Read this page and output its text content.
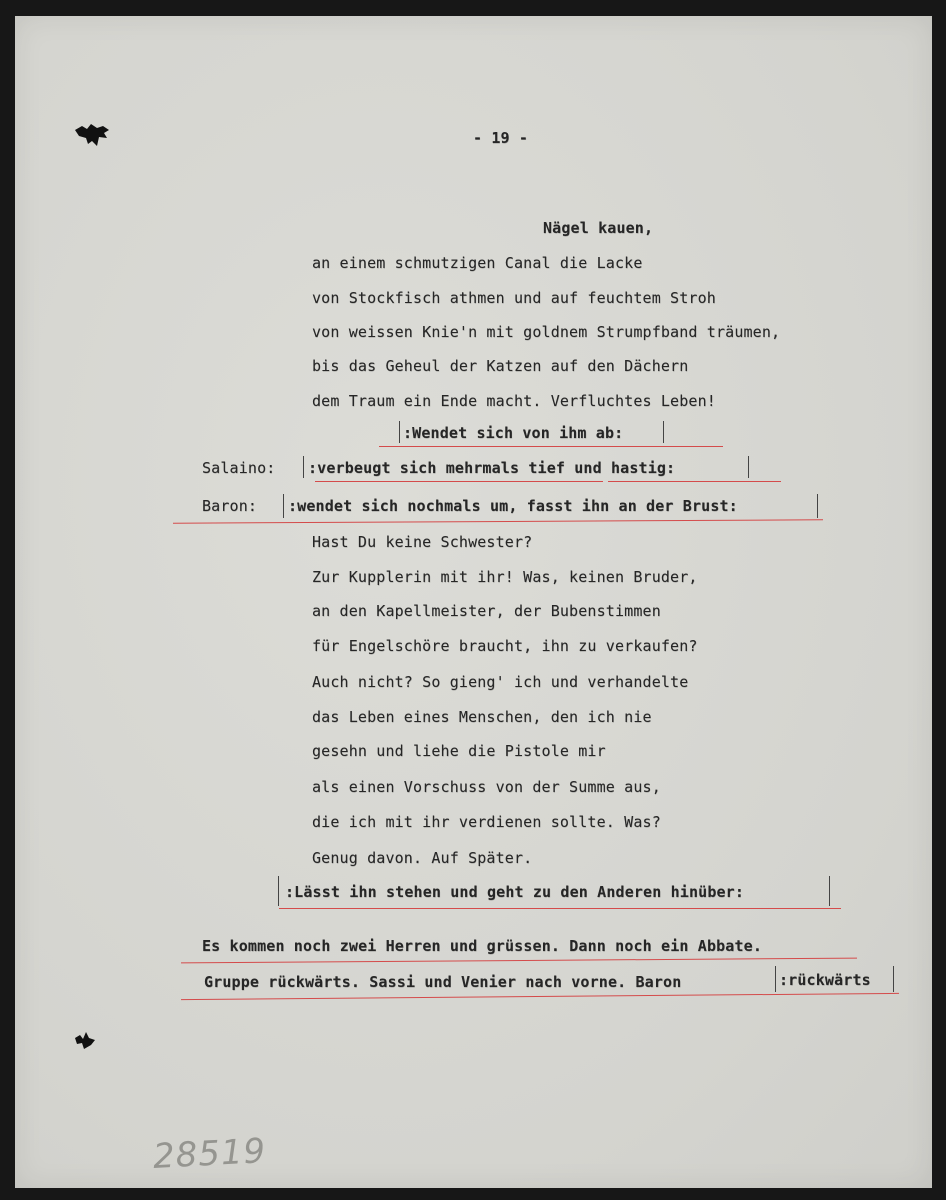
- 19 -
Nägel kauen,
an einem schmutzigen Canal die Lacke
von Stockfisch athmen und auf feuchtem Stroh
von weissen Knie'n mit goldnem Strumpfband träumen,
bis das Geheul der Katzen auf den Dächern
dem Traum ein Ende macht. Verfluchtes Leben!
:Wendet sich von ihm ab:
Salaino: :verbeugt sich mehrmals tief und hastig:
Baron: :wendet sich nochmals um, fasst ihn an der Brust:
Hast Du keine Schwester?
Zur Kupplerin mit ihr! Was, keinen Bruder,
an den Kapellmeister, der Bubenstimmen
für Engelschöre braucht, ihn zu verkaufen?
Auch nicht? So gieng' ich und verhandelte
das Leben eines Menschen, den ich nie
gesehn und liehe die Pistole mir
als einen Vorschuss von der Summe aus,
die ich mit ihr verdienen sollte. Was?
Genug davon. Auf Später.
:Lässt ihn stehen und geht zu den Anderen hinüber:
Es kommen noch zwei Herren und grüssen. Dann noch ein Abbate.
Gruppe rückwärts. Sassi und Venier nach vorne. Baron	:rückwärts
28519
